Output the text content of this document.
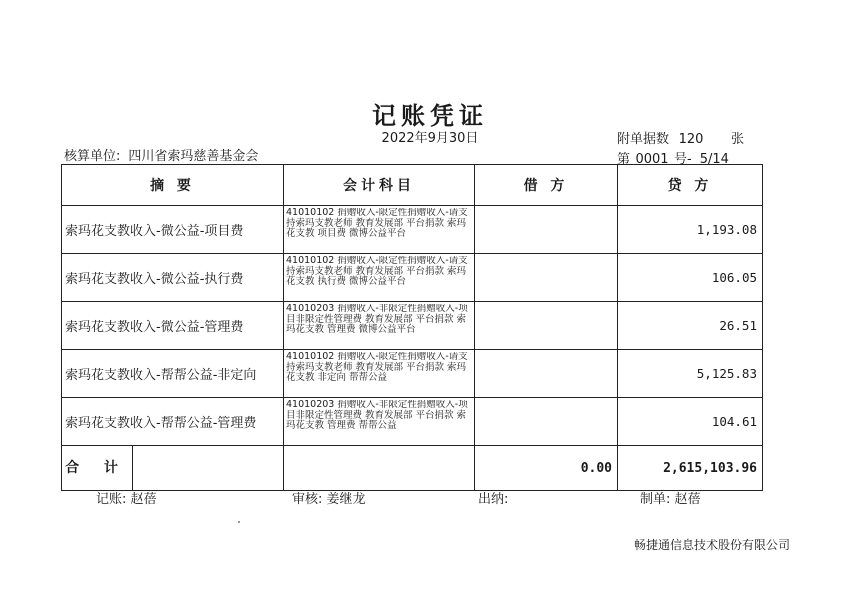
记账凭证
2022年9月30日
核算单位: 四川省索玛慈善基金会
附单据数 120 张
第 0001 号- 5/14
摘 要	会计科目	借 方	贷 方
索玛花支教收入-微公益-项目费	41010102 捐赠收入-限定性捐赠收入-请支持索玛支教老师 教育发展部 平台捐款 索玛花支教 项目费 微博公益平台		1,193.08
索玛花支教收入-微公益-执行费	41010102 捐赠收入-限定性捐赠收入-请支持索玛支教老师 教育发展部 平台捐款 索玛花支教 执行费 微博公益平台		106.05
索玛花支教收入-微公益-管理费	41010203 捐赠收入-非限定性捐赠收入-项目非限定性管理费 教育发展部 平台捐款 索玛花支教 管理费 微博公益平台		26.51
索玛花支教收入-帮帮公益-非定向	41010102 捐赠收入-限定性捐赠收入-请支持索玛支教老师 教育发展部 平台捐款 索玛花支教 非定向 帮帮公益		5,125.83
索玛花支教收入-帮帮公益-管理费	41010203 捐赠收入-非限定性捐赠收入-项目非限定性管理费 教育发展部 平台捐款 索玛花支教 管理费 帮帮公益		104.61
合 计		0.00	2,615,103.96
记账: 赵蓓	审核: 姜继龙	出纳:	制单: 赵蓓
畅捷通信息技术股份有限公司
